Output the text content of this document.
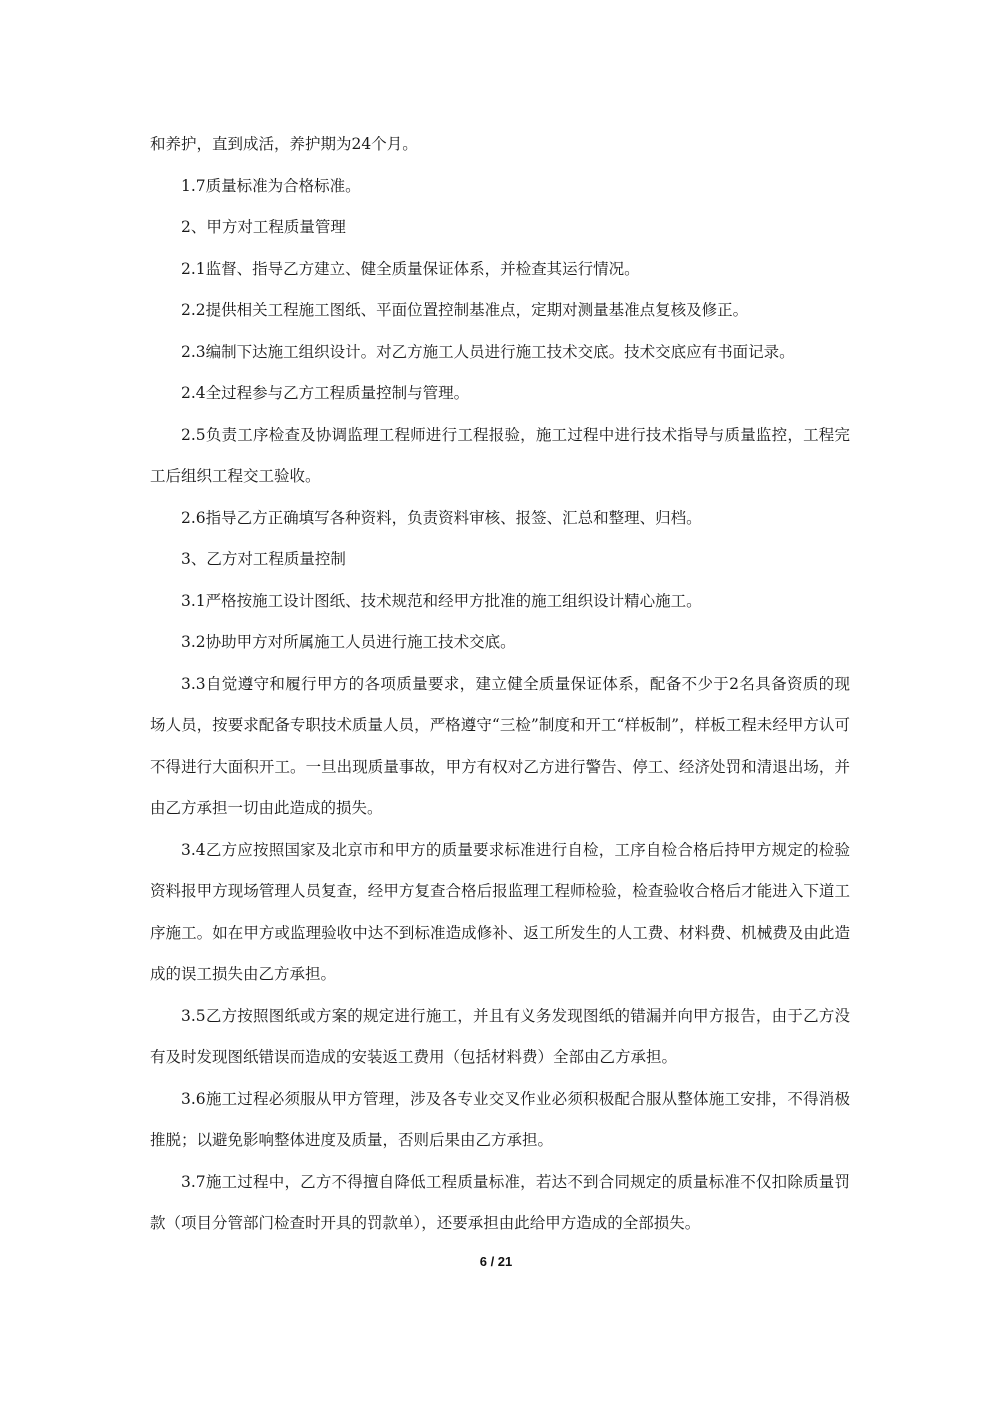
和养护，直到成活，养护期为24个月。

1.7质量标准为合格标准。

2、甲方对工程质量管理

2.1监督、指导乙方建立、健全质量保证体系，并检查其运行情况。

2.2提供相关工程施工图纸、平面位置控制基准点，定期对测量基准点复核及修正。

2.3编制下达施工组织设计。对乙方施工人员进行施工技术交底。技术交底应有书面记录。

2.4全过程参与乙方工程质量控制与管理。

2.5负责工序检查及协调监理工程师进行工程报验，施工过程中进行技术指导与质量监控，工程完工后组织工程交工验收。

2.6指导乙方正确填写各种资料，负责资料审核、报签、汇总和整理、归档。

3、乙方对工程质量控制

3.1严格按施工设计图纸、技术规范和经甲方批准的施工组织设计精心施工。

3.2协助甲方对所属施工人员进行施工技术交底。

3.3自觉遵守和履行甲方的各项质量要求，建立健全质量保证体系，配备不少于2名具备资质的现场人员，按要求配备专职技术质量人员，严格遵守“三检”制度和开工“样板制”，样板工程未经甲方认可不得进行大面积开工。一旦出现质量事故，甲方有权对乙方进行警告、停工、经济处罚和清退出场，并由乙方承担一切由此造成的损失。

3.4乙方应按照国家及北京市和甲方的质量要求标准进行自检，工序自检合格后持甲方规定的检验资料报甲方现场管理人员复查，经甲方复查合格后报监理工程师检验，检查验收合格后才能进入下道工序施工。如在甲方或监理验收中达不到标准造成修补、返工所发生的人工费、材料费、机械费及由此造成的误工损失由乙方承担。

3.5乙方按照图纸或方案的规定进行施工，并且有义务发现图纸的错漏并向甲方报告，由于乙方没有及时发现图纸错误而造成的安装返工费用（包括材料费）全部由乙方承担。

3.6施工过程必须服从甲方管理，涉及各专业交叉作业必须积极配合服从整体施工安排，不得消极推脱；以避免影响整体进度及质量，否则后果由乙方承担。

3.7施工过程中，乙方不得擅自降低工程质量标准，若达不到合同规定的质量标准不仅扣除质量罚款（项目分管部门检查时开具的罚款单），还要承担由此给甲方造成的全部损失。

6 / 21
